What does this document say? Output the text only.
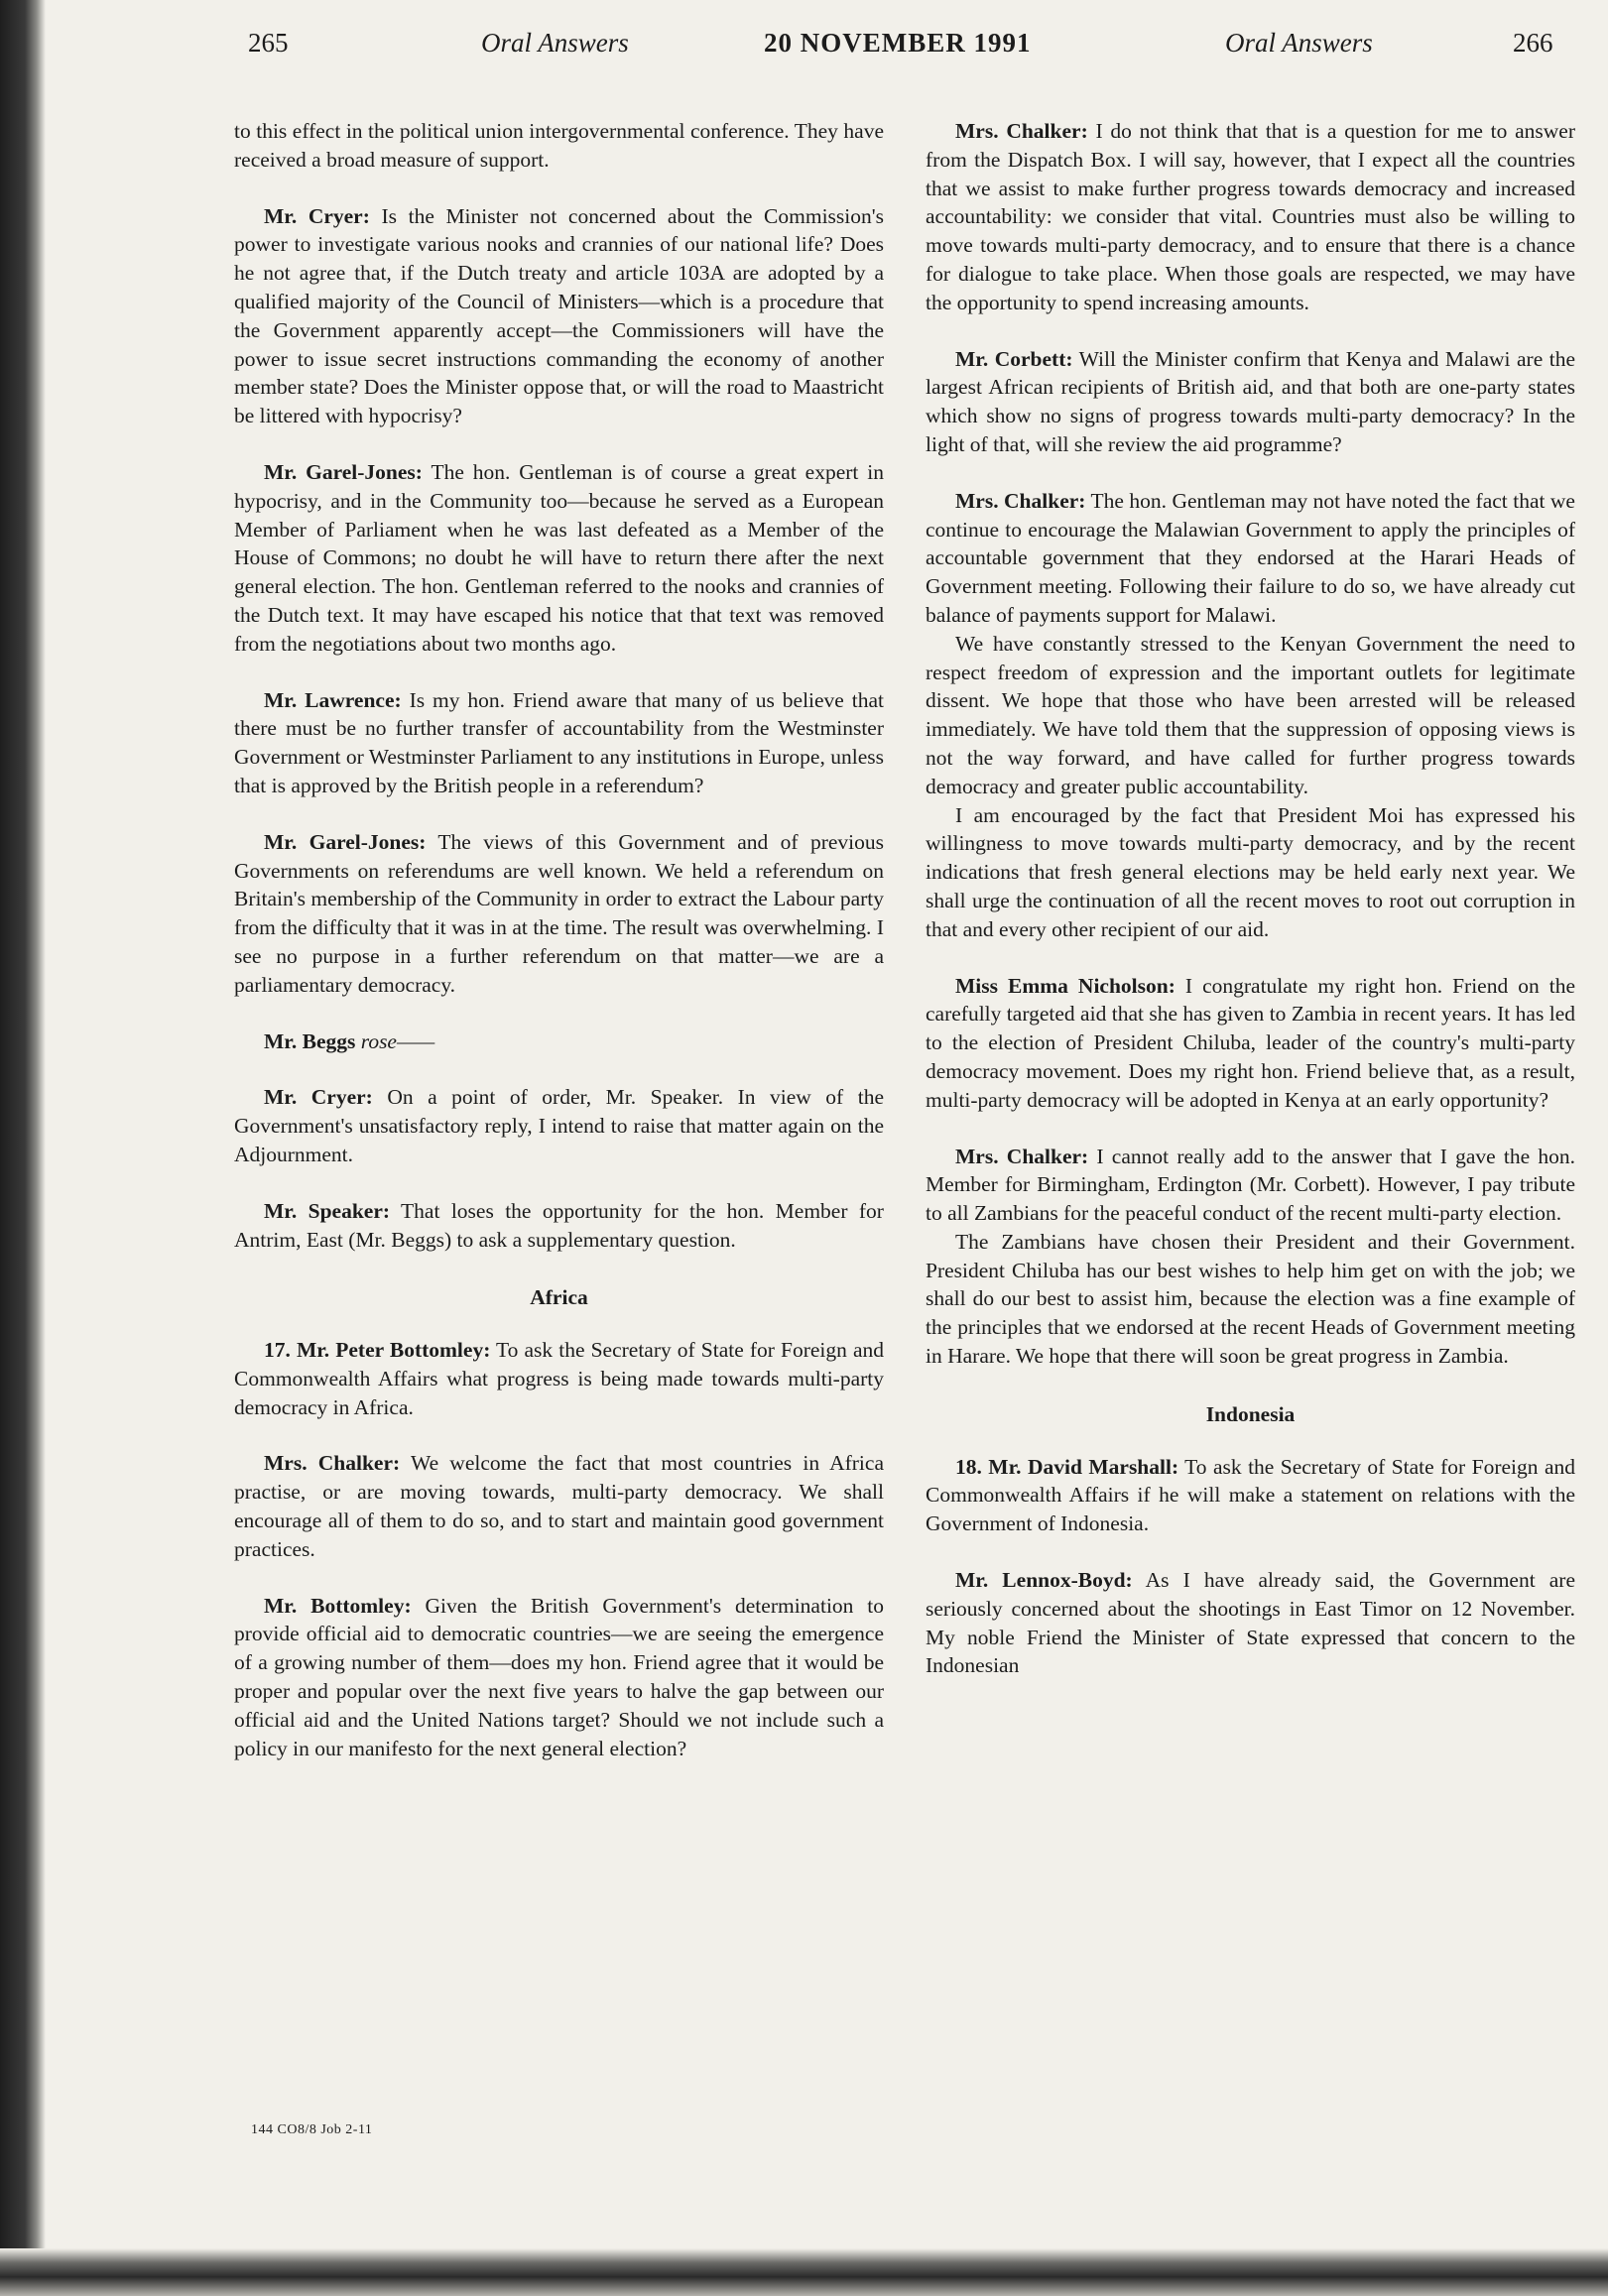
265	Oral Answers	20 NOVEMBER 1991	Oral Answers	266

to this effect in the political union intergovernmental conference. They have received a broad measure of support.

Mr. Cryer: Is the Minister not concerned about the Commission's power to investigate various nooks and crannies of our national life? Does he not agree that, if the Dutch treaty and article 103A are adopted by a qualified majority of the Council of Ministers—which is a procedure that the Government apparently accept—the Commissioners will have the power to issue secret instructions commanding the economy of another member state? Does the Minister oppose that, or will the road to Maastricht be littered with hypocrisy?

Mr. Garel-Jones: The hon. Gentleman is of course a great expert in hypocrisy, and in the Community too—because he served as a European Member of Parliament when he was last defeated as a Member of the House of Commons; no doubt he will have to return there after the next general election. The hon. Gentleman referred to the nooks and crannies of the Dutch text. It may have escaped his notice that that text was removed from the negotiations about two months ago.

Mr. Lawrence: Is my hon. Friend aware that many of us believe that there must be no further transfer of accountability from the Westminster Government or Westminster Parliament to any institutions in Europe, unless that is approved by the British people in a referendum?

Mr. Garel-Jones: The views of this Government and of previous Governments on referendums are well known. We held a referendum on Britain's membership of the Community in order to extract the Labour party from the difficulty that it was in at the time. The result was overwhelming. I see no purpose in a further referendum on that matter—we are a parliamentary democracy.

Mr. Beggs rose——

Mr. Cryer: On a point of order, Mr. Speaker. In view of the Government's unsatisfactory reply, I intend to raise that matter again on the Adjournment.

Mr. Speaker: That loses the opportunity for the hon. Member for Antrim, East (Mr. Beggs) to ask a supplementary question.

Africa

17. Mr. Peter Bottomley: To ask the Secretary of State for Foreign and Commonwealth Affairs what progress is being made towards multi-party democracy in Africa.

Mrs. Chalker: We welcome the fact that most countries in Africa practise, or are moving towards, multi-party democracy. We shall encourage all of them to do so, and to start and maintain good government practices.

Mr. Bottomley: Given the British Government's determination to provide official aid to democratic countries—we are seeing the emergence of a growing number of them—does my hon. Friend agree that it would be proper and popular over the next five years to halve the gap between our official aid and the United Nations target? Should we not include such a policy in our manifesto for the next general election?

Mrs. Chalker: I do not think that that is a question for me to answer from the Dispatch Box. I will say, however, that I expect all the countries that we assist to make further progress towards democracy and increased accountability: we consider that vital. Countries must also be willing to move towards multi-party democracy, and to ensure that there is a chance for dialogue to take place. When those goals are respected, we may have the opportunity to spend increasing amounts.

Mr. Corbett: Will the Minister confirm that Kenya and Malawi are the largest African recipients of British aid, and that both are one-party states which show no signs of progress towards multi-party democracy? In the light of that, will she review the aid programme?

Mrs. Chalker: The hon. Gentleman may not have noted the fact that we continue to encourage the Malawian Government to apply the principles of accountable government that they endorsed at the Harari Heads of Government meeting. Following their failure to do so, we have already cut balance of payments support for Malawi.

We have constantly stressed to the Kenyan Government the need to respect freedom of expression and the important outlets for legitimate dissent. We hope that those who have been arrested will be released immediately. We have told them that the suppression of opposing views is not the way forward, and have called for further progress towards democracy and greater public accountability.

I am encouraged by the fact that President Moi has expressed his willingness to move towards multi-party democracy, and by the recent indications that fresh general elections may be held early next year. We shall urge the continuation of all the recent moves to root out corruption in that and every other recipient of our aid.

Miss Emma Nicholson: I congratulate my right hon. Friend on the carefully targeted aid that she has given to Zambia in recent years. It has led to the election of President Chiluba, leader of the country's multi-party democracy movement. Does my right hon. Friend believe that, as a result, multi-party democracy will be adopted in Kenya at an early opportunity?

Mrs. Chalker: I cannot really add to the answer that I gave the hon. Member for Birmingham, Erdington (Mr. Corbett). However, I pay tribute to all Zambians for the peaceful conduct of the recent multi-party election.

The Zambians have chosen their President and their Government. President Chiluba has our best wishes to help him get on with the job; we shall do our best to assist him, because the election was a fine example of the principles that we endorsed at the recent Heads of Government meeting in Harare. We hope that there will soon be great progress in Zambia.

Indonesia

18. Mr. David Marshall: To ask the Secretary of State for Foreign and Commonwealth Affairs if he will make a statement on relations with the Government of Indonesia.

Mr. Lennox-Boyd: As I have already said, the Government are seriously concerned about the shootings in East Timor on 12 November. My noble Friend the Minister of State expressed that concern to the Indonesian

144 CO8/8 Job 2-11
